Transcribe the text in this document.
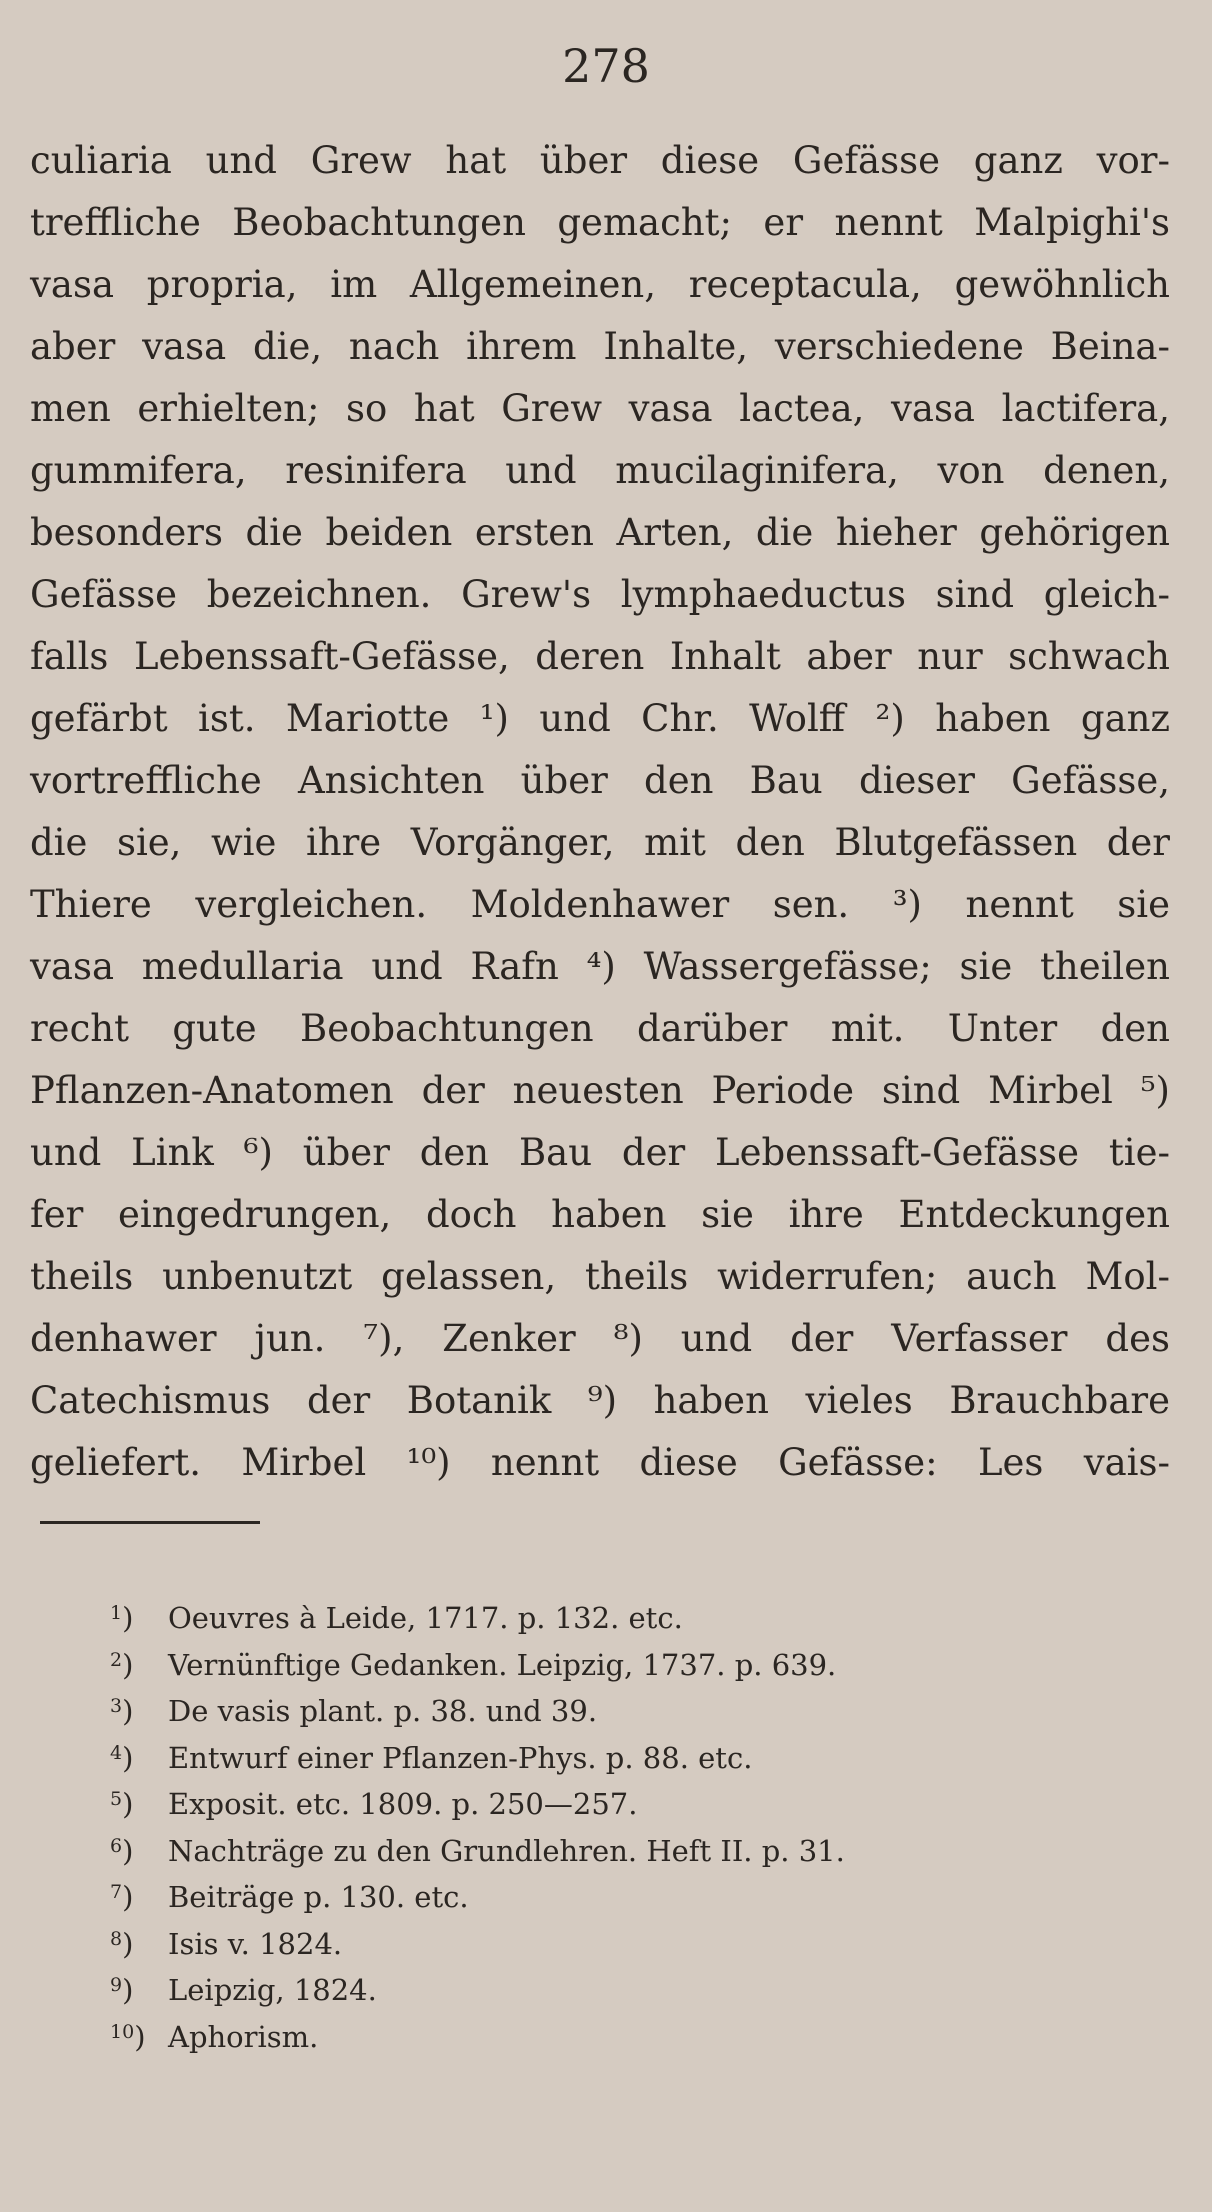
278
culiaria und Grew hat über diese Gefässe ganz vor-
treffliche Beobachtungen gemacht; er nennt Malpighi's
vasa propria, im Allgemeinen, receptacula, gewöhnlich
aber vasa die, nach ihrem Inhalte, verschiedene Beina-
men erhielten; so hat Grew vasa lactea, vasa lactifera,
gummifera, resinifera und mucilaginifera, von denen,
besonders die beiden ersten Arten, die hieher gehörigen
Gefässe bezeichnen. Grew's lymphaeductus sind gleich-
falls Lebenssaft-Gefässe, deren Inhalt aber nur schwach
gefärbt ist. Mariotte ¹) und Chr. Wolff ²) haben ganz
vortreffliche Ansichten über den Bau dieser Gefässe,
die sie, wie ihre Vorgänger, mit den Blutgefässen der
Thiere vergleichen. Moldenhawer sen. ³) nennt sie
vasa medullaria und Rafn ⁴) Wassergefässe; sie theilen
recht gute Beobachtungen darüber mit. Unter den
Pflanzen-Anatomen der neuesten Periode sind Mirbel ⁵)
und Link ⁶) über den Bau der Lebenssaft-Gefässe tie-
fer eingedrungen, doch haben sie ihre Entdeckungen
theils unbenutzt gelassen, theils widerrufen; auch Mol-
denhawer jun. ⁷), Zenker ⁸) und der Verfasser des
Catechismus der Botanik ⁹) haben vieles Brauchbare
geliefert. Mirbel ¹⁰) nennt diese Gefässe: Les vais-
$^1$) Oeuvres à Leide, 1717. p. 132. etc.
$^2$) Vernünftige Gedanken. Leipzig, 1737. p. 639.
$^3$) De vasis plant. p. 38. und 39.
$^4$) Entwurf einer Pflanzen-Phys. p. 88. etc.
$^5$) Exposit. etc. 1809. p. 250—257.
$^6$) Nachträge zu den Grundlehren. Heft II. p. 31.
$^7$) Beiträge p. 130. etc.
$^8$) Isis v. 1824.
$^9$) Leipzig, 1824.
$^{10}$) Aphorism.
